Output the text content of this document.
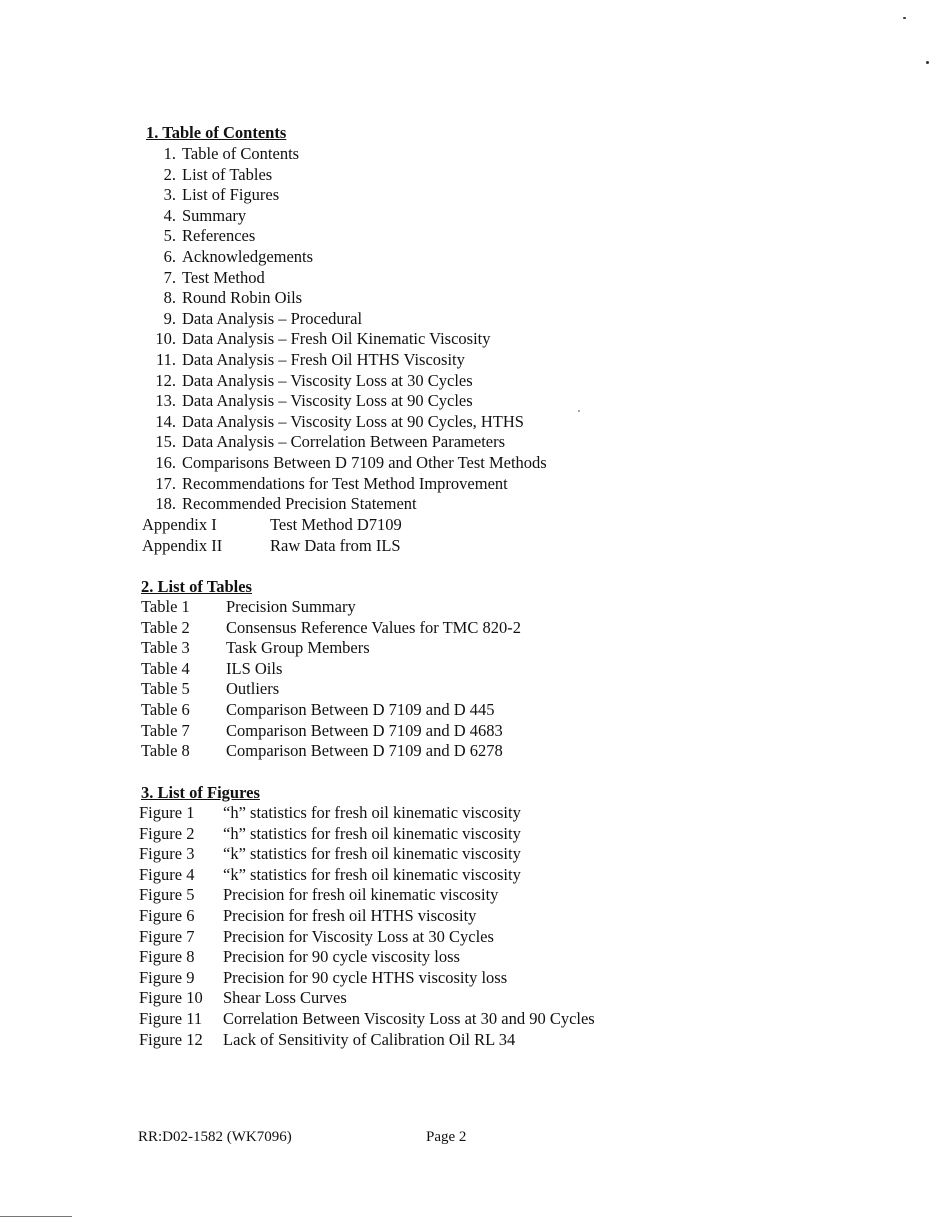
1. Table of Contents
1. Table of Contents
2. List of Tables
3. List of Figures
4. Summary
5. References
6. Acknowledgements
7. Test Method
8. Round Robin Oils
9. Data Analysis – Procedural
10. Data Analysis – Fresh Oil Kinematic Viscosity
11. Data Analysis – Fresh Oil HTHS Viscosity
12. Data Analysis – Viscosity Loss at 30 Cycles
13. Data Analysis – Viscosity Loss at 90 Cycles
14. Data Analysis – Viscosity Loss at 90 Cycles, HTHS
15. Data Analysis – Correlation Between Parameters
16. Comparisons Between D 7109 and Other Test Methods
17. Recommendations for Test Method Improvement
18. Recommended Precision Statement
Appendix I	Test Method D7109
Appendix II	Raw Data from ILS
2. List of Tables
Table 1 Precision Summary
Table 2 Consensus Reference Values for TMC 820-2
Table 3 Task Group Members
Table 4 ILS Oils
Table 5 Outliers
Table 6 Comparison Between D 7109 and D 445
Table 7 Comparison Between D 7109 and D 4683
Table 8 Comparison Between D 7109 and D 6278
3. List of Figures
Figure 1 “h” statistics for fresh oil kinematic viscosity
Figure 2 “h” statistics for fresh oil kinematic viscosity
Figure 3 “k” statistics for fresh oil kinematic viscosity
Figure 4 “k” statistics for fresh oil kinematic viscosity
Figure 5 Precision for fresh oil kinematic viscosity
Figure 6 Precision for fresh oil HTHS viscosity
Figure 7 Precision for Viscosity Loss at 30 Cycles
Figure 8 Precision for 90 cycle viscosity loss
Figure 9 Precision for 90 cycle HTHS viscosity loss
Figure 10 Shear Loss Curves
Figure 11 Correlation Between Viscosity Loss at 30 and 90 Cycles
Figure 12 Lack of Sensitivity of Calibration Oil RL 34
RR:D02-1582 (WK7096)	Page 2
